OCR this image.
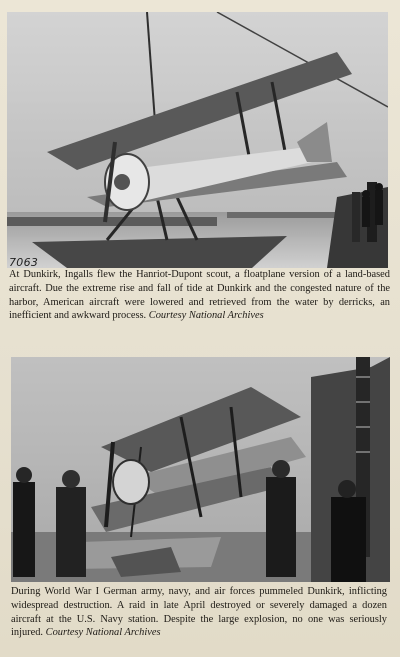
7063

At Dunkirk, Ingalls flew the Hanriot-Dupont scout, a floatplane version of a land-based aircraft. Due the extreme rise and fall of tide at Dunkirk and the congested nature of the harbor, American aircraft were lowered and retrieved from the water by derricks, an inefficient and awkward process. Courtesy National Archives

During World War I German army, navy, and air forces pummeled Dunkirk, inflicting widespread destruction. A raid in late April destroyed or severely damaged a dozen aircraft at the U.S. Navy station. Despite the large explosion, no one was seriously injured. Courtesy National Archives
